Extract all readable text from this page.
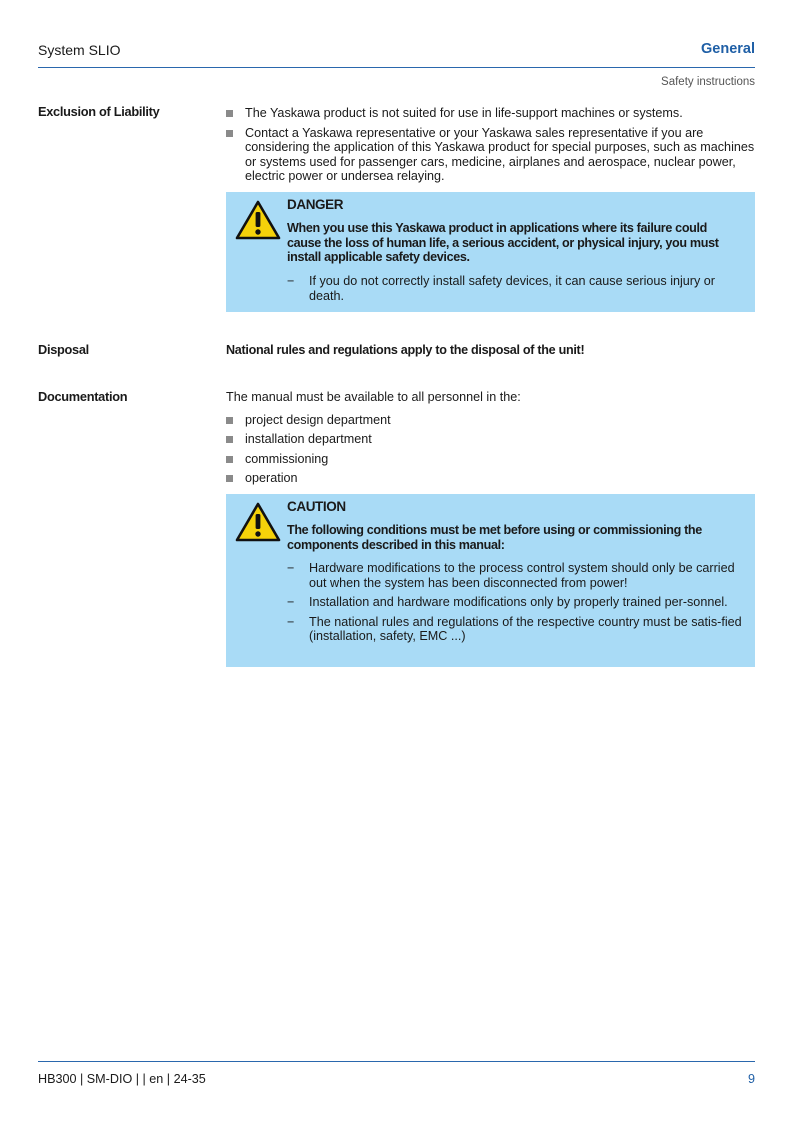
System SLIO	General
Safety instructions
Exclusion of Liability	The Yaskawa product is not suited for use in life-support machines or systems.
Contact a Yaskawa representative or your Yaskawa sales representative if you are considering the application of this Yaskawa product for special purposes, such as machines or systems used for passenger cars, medicine, airplanes and aerospace, nuclear power, electric power or undersea relaying.
DANGER
When you use this Yaskawa product in applications where its failure could cause the loss of human life, a serious accident, or physical injury, you must install applicable safety devices.
− If you do not correctly install safety devices, it can cause serious injury or death.
Disposal	National rules and regulations apply to the disposal of the unit!
Documentation	The manual must be available to all personnel in the:
project design department
installation department
commissioning
operation
CAUTION
The following conditions must be met before using or commissioning the components described in this manual:
− Hardware modifications to the process control system should only be carried out when the system has been disconnected from power!
− Installation and hardware modifications only by properly trained per-sonnel.
− The national rules and regulations of the respective country must be satis-fied (installation, safety, EMC ...)
HB300 | SM-DIO | | en | 24-35	9
